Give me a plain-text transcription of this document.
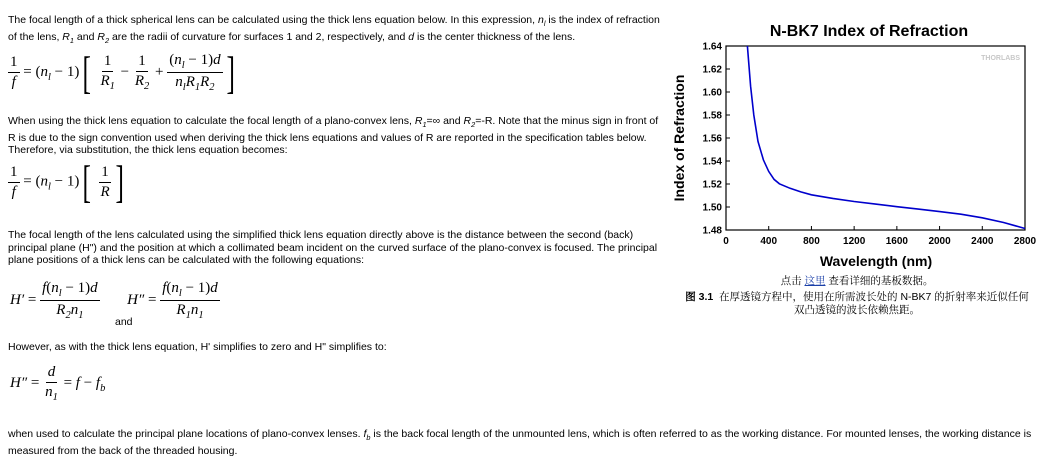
The focal length of a thick spherical lens can be calculated using the thick lens equation below. In this expression, $n_l$ is the index of refraction of the lens, $R_1$ and $R_2$ are the radii of curvature for surfaces 1 and 2, respectively, and d is the center thickness of the lens.

$\frac{1}{f} = (n_l - 1)[ \frac{1}{R_1} - \frac{1}{R_2} + \frac{(n_l - 1)d}{n_lR_1R_2}$ ]

When using the thick lens equation to calculate the focal length of a plano-convex lens, $R_1=\infty$ and $R_2=-R$. Note that the minus sign in front of R is due to the sign convention used when deriving the thick lens equations and values of R are reported in the specification tables below. Therefore, via substitution, the thick lens equation becomes:

$\frac{1}{f} = (n_l - 1)[ \frac{1}{R}$ ]

The focal length of the lens calculated using the simplified thick lens equation directly above is the distance between the second (back) principal plane (H") and the position at which a collimated beam incident on the curved surface of the plano-convex is focused. The principal plane positions of a thick lens can be calculated with the following equations:

$H' = \frac{f(n_l - 1)d}{R_2n_1} H'' = \frac{f(n_l - 1)d}{R_1n_1}$
and

However, as with the thick lens equation, H' simplifies to zero and H" simplifies to:

$H'' = \frac{d}{n_1} = f - f_b$

when used to calculate the principal plane locations of plano-convex lenses. $f_b$ is the back focal length of the unmounted lens, which is often referred to as the working distance. For mounted lenses, the working distance is measured from the back of the threaded housing.

N-BK7 Index of Refraction
Index of Refraction
Wavelength (nm)
THORLABS
0	400	800 1200 1600 2000 2400 2800
1.48
1.50
1.52
1.54
1.56
1.58
1.60
1.62
1.64
点击 这里 查看详细的基板数据。
图 3.1 在厚透镜方程中，使用在所需波长处的 N-BK7 的折射率来近似任何
双凸透镜的波长依赖焦距。
